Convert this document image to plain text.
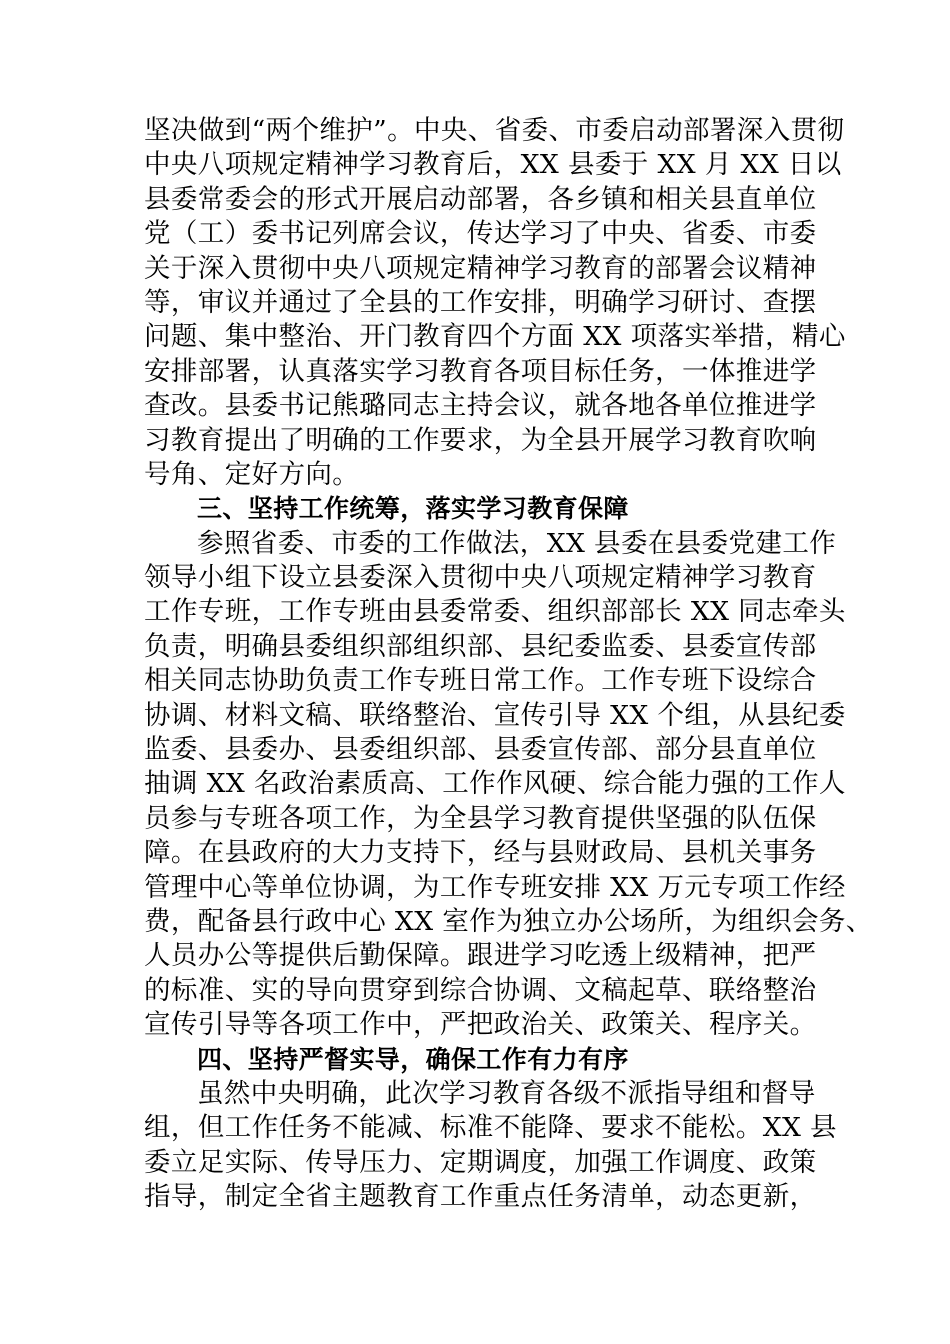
坚决做到“两个维护”。中央、省委、市委启动部署深入贯彻
中央八项规定精神学习教育后，XX 县委于 XX 月 XX 日以
县委常委会的形式开展启动部署，各乡镇和相关县直单位
党（工）委书记列席会议，传达学习了中央、省委、市委
关于深入贯彻中央八项规定精神学习教育的部署会议精神
等，审议并通过了全县的工作安排，明确学习研讨、查摆
问题、集中整治、开门教育四个方面 XX 项落实举措，精心
安排部署，认真落实学习教育各项目标任务，一体推进学
查改。县委书记熊璐同志主持会议，就各地各单位推进学
习教育提出了明确的工作要求，为全县开展学习教育吹响
号角、定好方向。
三、坚持工作统筹，落实学习教育保障
参照省委、市委的工作做法，XX 县委在县委党建工作
领导小组下设立县委深入贯彻中央八项规定精神学习教育
工作专班，工作专班由县委常委、组织部部长 XX 同志牵头
负责，明确县委组织部组织部、县纪委监委、县委宣传部
相关同志协助负责工作专班日常工作。工作专班下设综合
协调、材料文稿、联络整治、宣传引导 XX 个组，从县纪委
监委、县委办、县委组织部、县委宣传部、部分县直单位
抽调 XX 名政治素质高、工作作风硬、综合能力强的工作人
员参与专班各项工作，为全县学习教育提供坚强的队伍保
障。在县政府的大力支持下，经与县财政局、县机关事务
管理中心等单位协调，为工作专班安排 XX 万元专项工作经
费，配备县行政中心 XX 室作为独立办公场所，为组织会务、
人员办公等提供后勤保障。跟进学习吃透上级精神，把严
的标准、实的导向贯穿到综合协调、文稿起草、联络整治
宣传引导等各项工作中，严把政治关、政策关、程序关。
四、坚持严督实导，确保工作有力有序
虽然中央明确，此次学习教育各级不派指导组和督导
组，但工作任务不能减、标准不能降、要求不能松。XX 县
委立足实际、传导压力、定期调度，加强工作调度、政策
指导，制定全省主题教育工作重点任务清单，动态更新，
